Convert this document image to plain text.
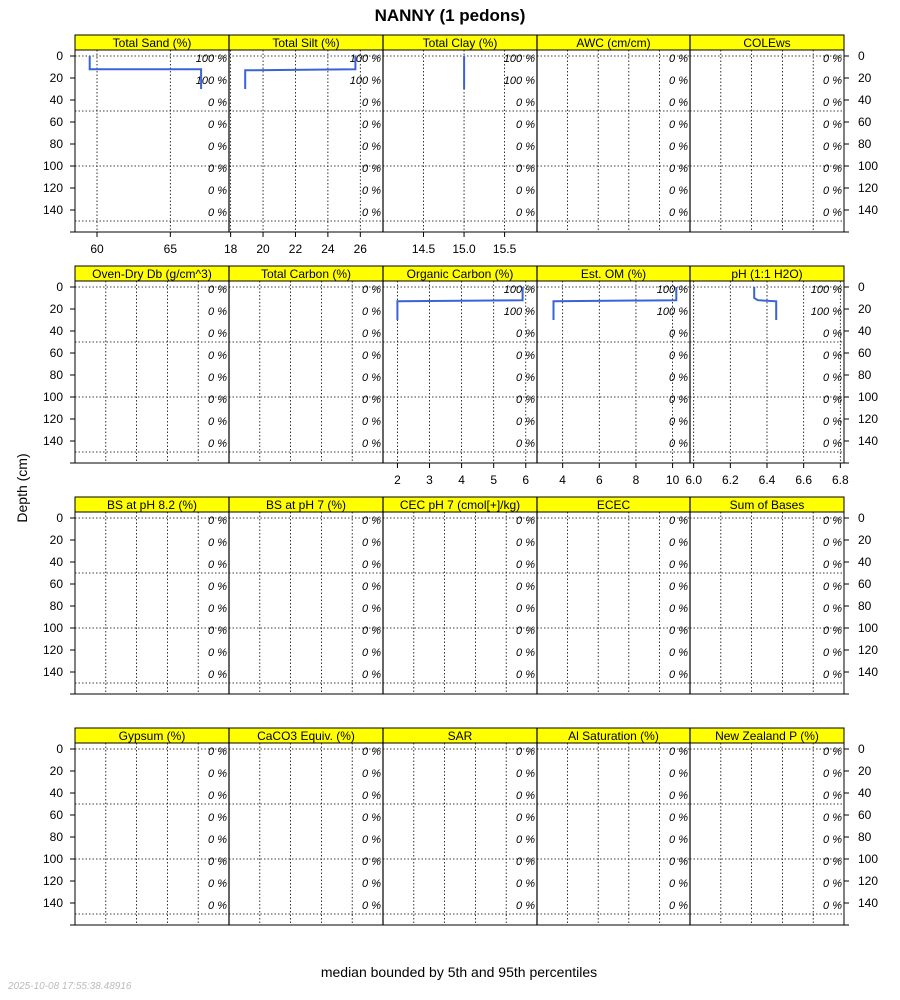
NANNY (1 pedons)
Depth (cm)
median bounded by 5th and 95th percentiles
2025-10-08 17:55:38.48916
0	0
20	20
40	40
60	60
80	80
100	100
120	120
140	140
Total Sand (%)
100 %
100 %
0 %
0 %
0 %
0 %
0 %
0 %
60	65
Total Silt (%)
100 %
100 %
0 %
0 %
0 %
0 %
0 %
0 %
18 20 22 24 26
Total Clay (%)
100 %
100 %
0 %
0 %
0 %
0 %
0 %
0 %
14.5 15.0 15.5
AWC (cm/cm)
0 %
0 %
0 %
0 %
0 %
0 %
0 %
0 %
COLEws
0 %
0 %
0 %
0 %
0 %
0 %
0 %
0 %
0	0
20	20
40	40
60	60
80	80
100	100
120	120
140	140
Oven-Dry Db (g/cm^3)
0 %
0 %
0 %
0 %
0 %
0 %
0 %
0 %
Total Carbon (%)
0 %
0 %
0 %
0 %
0 %
0 %
0 %
0 %
Organic Carbon (%)
100 %
100 %
0 %
0 %
0 %
0 %
0 %
0 %
2 3 4 5 6
Est. OM (%)
100 %
100 %
0 %
0 %
0 %
0 %
0 %
0 %
4 6 8 10
pH (1:1 H2O)
100 %
100 %
0 %
0 %
0 %
0 %
0 %
0 %
6.0 6.2 6.4 6.6 6.8
0	0
20	20
40	40
60	60
80	80
100	100
120	120
140	140
BS at pH 8.2 (%)
0 %
0 %
0 %
0 %
0 %
0 %
0 %
0 %
BS at pH 7 (%)
0 %
0 %
0 %
0 %
0 %
0 %
0 %
0 %
CEC pH 7 (cmol[+]/kg)
0 %
0 %
0 %
0 %
0 %
0 %
0 %
0 %
ECEC
0 %
0 %
0 %
0 %
0 %
0 %
0 %
0 %
Sum of Bases
0 %
0 %
0 %
0 %
0 %
0 %
0 %
0 %
0	0
20	20
40	40
60	60
80	80
100	100
120	120
140	140
Gypsum (%)
0 %
0 %
0 %
0 %
0 %
0 %
0 %
0 %
CaCO3 Equiv. (%)
0 %
0 %
0 %
0 %
0 %
0 %
0 %
0 %
SAR
0 %
0 %
0 %
0 %
0 %
0 %
0 %
0 %
Al Saturation (%)
0 %
0 %
0 %
0 %
0 %
0 %
0 %
0 %
New Zealand P (%)
0 %
0 %
0 %
0 %
0 %
0 %
0 %
0 %
